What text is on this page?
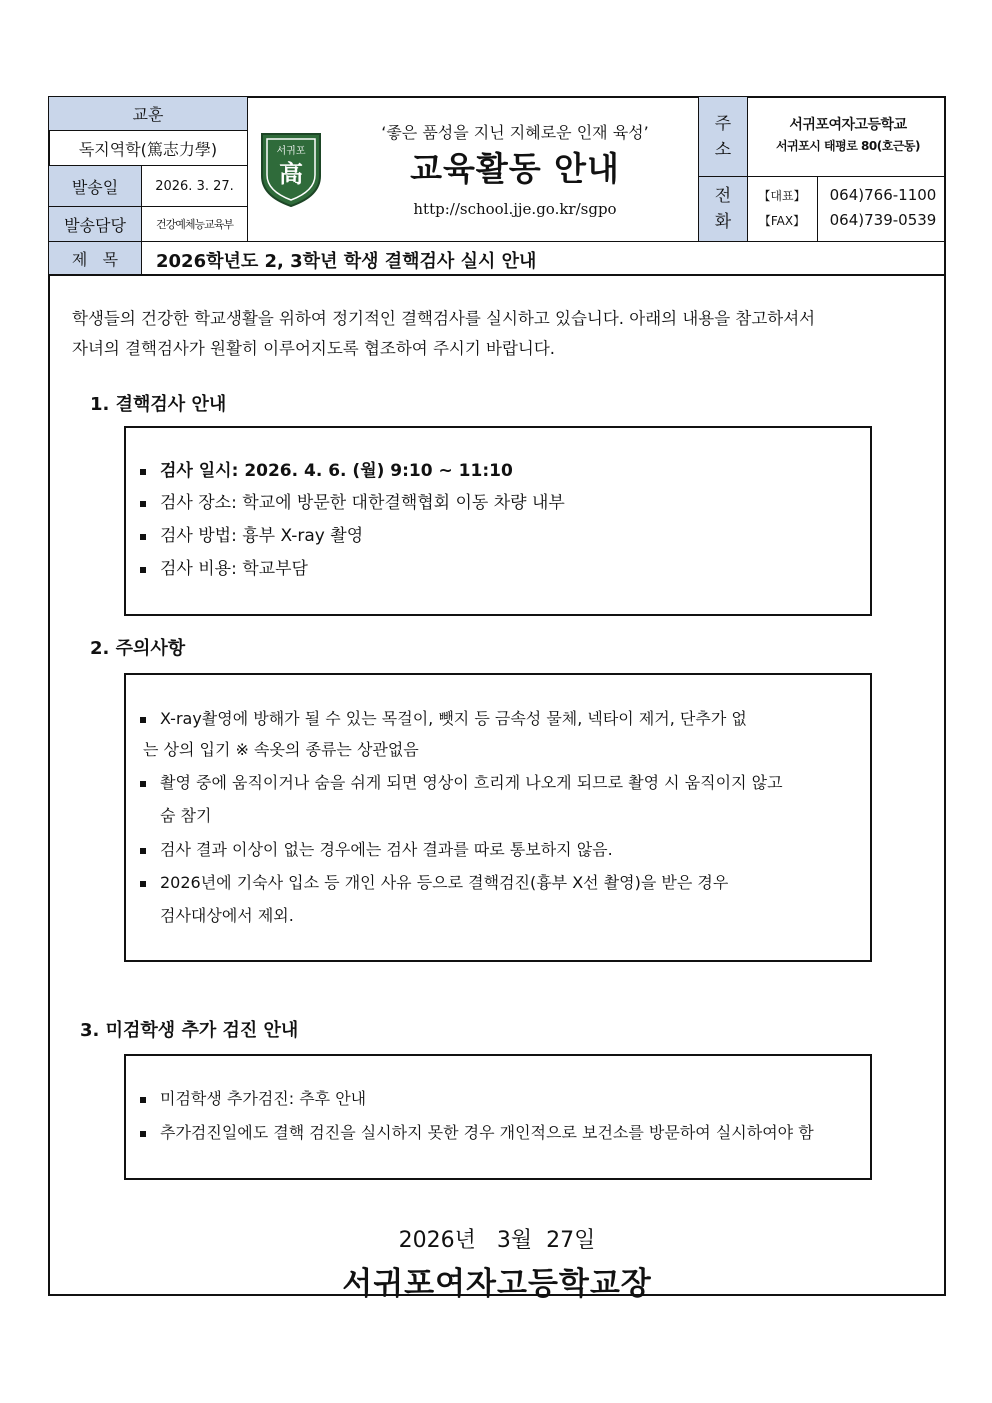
교훈
독지역학(篤志力學)
발송일	2026. 3. 27.
발송담당	건강예체능교육부
주
소
전
화
제   목
서귀포
高
‘좋은 품성을 지닌 지혜로운 인재 육성’
교육활동 안내
http://school.jje.go.kr/sgpo
서귀포여자고등학교
서귀포시 태평로 80(호근동)
【대표】
【FAX】
064)766-1100
064)739-0539
2026학년도 2, 3학년 학생 결핵검사 실시 안내
학생들의 건강한 학교생활을 위하여 정기적인 결핵검사를 실시하고 있습니다. 아래의 내용을 참고하셔서
자녀의 결핵검사가 원활히 이루어지도록 협조하여 주시기 바랍니다.
1. 결핵검사 안내
검사 일시: 2026. 4. 6. (월) 9:10 ~ 11:10
검사 장소: 학교에 방문한 대한결핵협회 이동 차량 내부
검사 방법: 흉부 X-ray 촬영
검사 비용: 학교부담
2. 주의사항
X-ray촬영에 방해가 될 수 있는 목걸이, 뺏지 등 금속성 물체, 넥타이 제거, 단추가 없
는 상의 입기 ※ 속옷의 종류는 상관없음
촬영 중에 움직이거나 숨을 쉬게 되면 영상이 흐리게 나오게 되므로 촬영 시 움직이지 않고
숨 참기
검사 결과 이상이 없는 경우에는 검사 결과를 따로 통보하지 않음.
2026년에 기숙사 입소 등 개인 사유 등으로 결핵검진(흉부 X선 촬영)을 받은 경우
검사대상에서 제외.
3. 미검학생 추가 검진 안내
미검학생 추가검진: 추후 안내
추가검진일에도 결핵 검진을 실시하지 못한 경우 개인적으로 보건소를 방문하여 실시하여야 함
2026년   3월  27일
서귀포여자고등학교장
